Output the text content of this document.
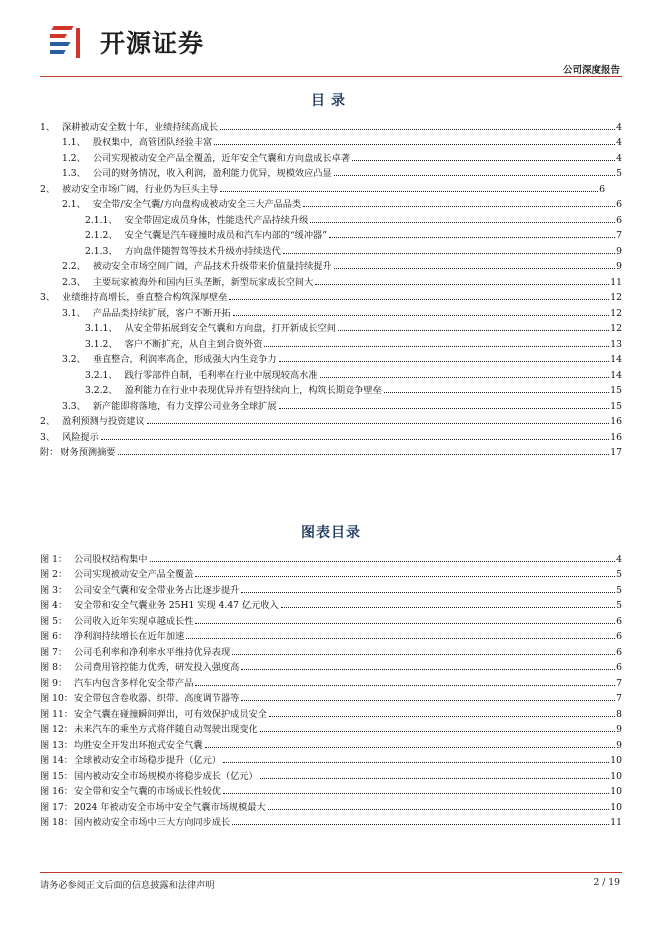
开源证券
公司深度报告
目录
1、 深耕被动安全数十年，业绩持续高成长	4
1.1、 股权集中，高管团队经验丰富	4
1.2、 公司实现被动安全产品全覆盖，近年安全气囊和方向盘成长卓著	4
1.3、 公司的财务情况，收入利润，盈利能力优异，规模效应凸显	5
2、 被动安全市场广阔，行业仍为巨头主导	6
2.1、 安全带/安全气囊/方向盘构成被动安全三大产品品类	6
2.1.1、 安全带固定成员身体，性能迭代产品持续升级	6
2.1.2、 安全气囊是汽车碰撞时成员和汽车内部的“缓冲器”	7
2.1.3、 方向盘伴随智驾等技术升级亦持续迭代	9
2.2、 被动安全市场空间广阔，产品技术升级带来价值量持续提升	9
2.3、 主要玩家被海外和国内巨头垄断，新型玩家成长空间大	11
3、 业绩维持高增长，垂直整合构筑深厚壁垒	12
3.1、 产品品类持续扩展，客户不断开拓	12
3.1.1、 从安全带拓展到安全气囊和方向盘，打开新成长空间	12
3.1.2、 客户不断扩充，从自主到合资外资	13
3.2、 垂直整合，利润率高企，形成强大内生竞争力	14
3.2.1、 践行零部件自制，毛利率在行业中展现较高水准	14
3.2.2、 盈利能力在行业中表现优异并有望持续向上，构筑长期竞争壁垒	15
3.3、 新产能即将落地，有力支撑公司业务全球扩展	15
2、 盈利预测与投资建议	16
3、 风险提示	16
附： 财务预测摘要	17
图表目录
图 1： 公司股权结构集中	4
图 2： 公司实现被动安全产品全覆盖	5
图 3： 公司安全气囊和安全带业务占比逐步提升	5
图 4： 安全带和安全气囊业务 25H1 实现 4.47 亿元收入	5
图 5： 公司收入近年实现卓越成长性	6
图 6： 净利润持续增长在近年加速	6
图 7： 公司毛利率和净利率水平维持优异表现	6
图 8： 公司费用管控能力优秀，研发投入强度高	6
图 9： 汽车内包含多样化安全带产品	7
图 10： 安全带包含卷收器、织带、高度调节器等	7
图 11： 安全气囊在碰撞瞬间弹出，可有效保护成员安全	8
图 12： 未来汽车的乘坐方式将伴随自动驾驶出现变化	9
图 13： 均胜安全开发出环抱式安全气囊	9
图 14： 全球被动安全市场稳步提升（亿元）	10
图 15： 国内被动安全市场规模亦将稳步成长（亿元）	10
图 16： 安全带和安全气囊的市场成长性较优	10
图 17： 2024 年被动安全市场中安全气囊市场规模最大	10
图 18： 国内被动安全市场中三大方向同步成长	11
请务必参阅正文后面的信息披露和法律声明	2 / 19
